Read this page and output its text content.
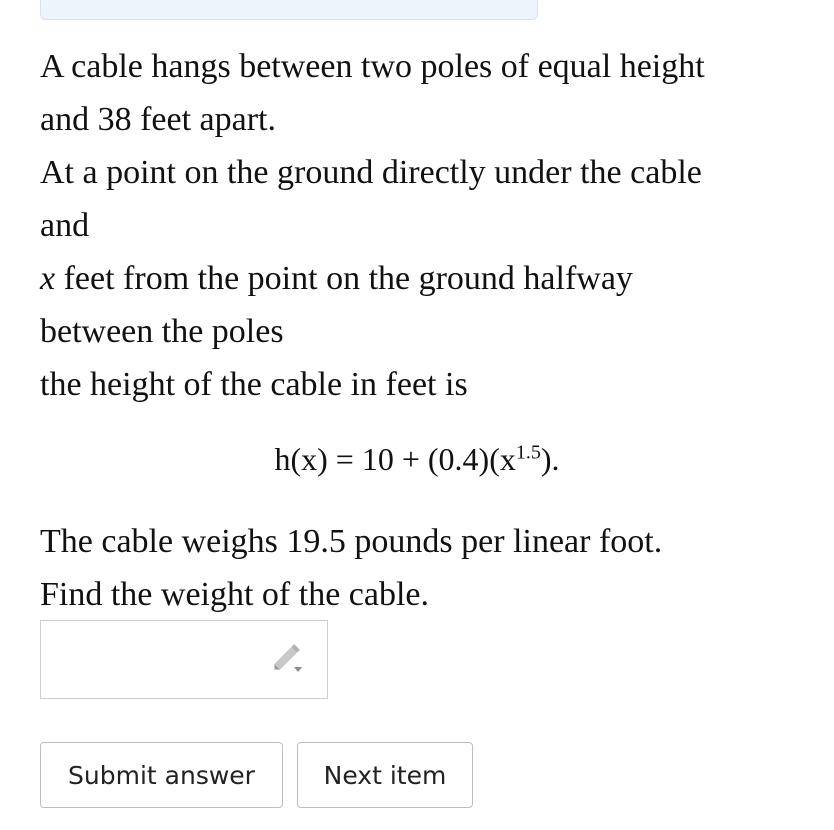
A cable hangs between two poles of equal height

and 38 feet apart.

At a point on the ground directly under the cable

and

x feet from the point on the ground halfway

between the poles

the height of the cable in feet is

$h(x) = 10 + (0.4)(x^{1.5})$.

The cable weighs 19.5 pounds per linear foot.

Find the weight of the cable.

Submit answer	Next item
